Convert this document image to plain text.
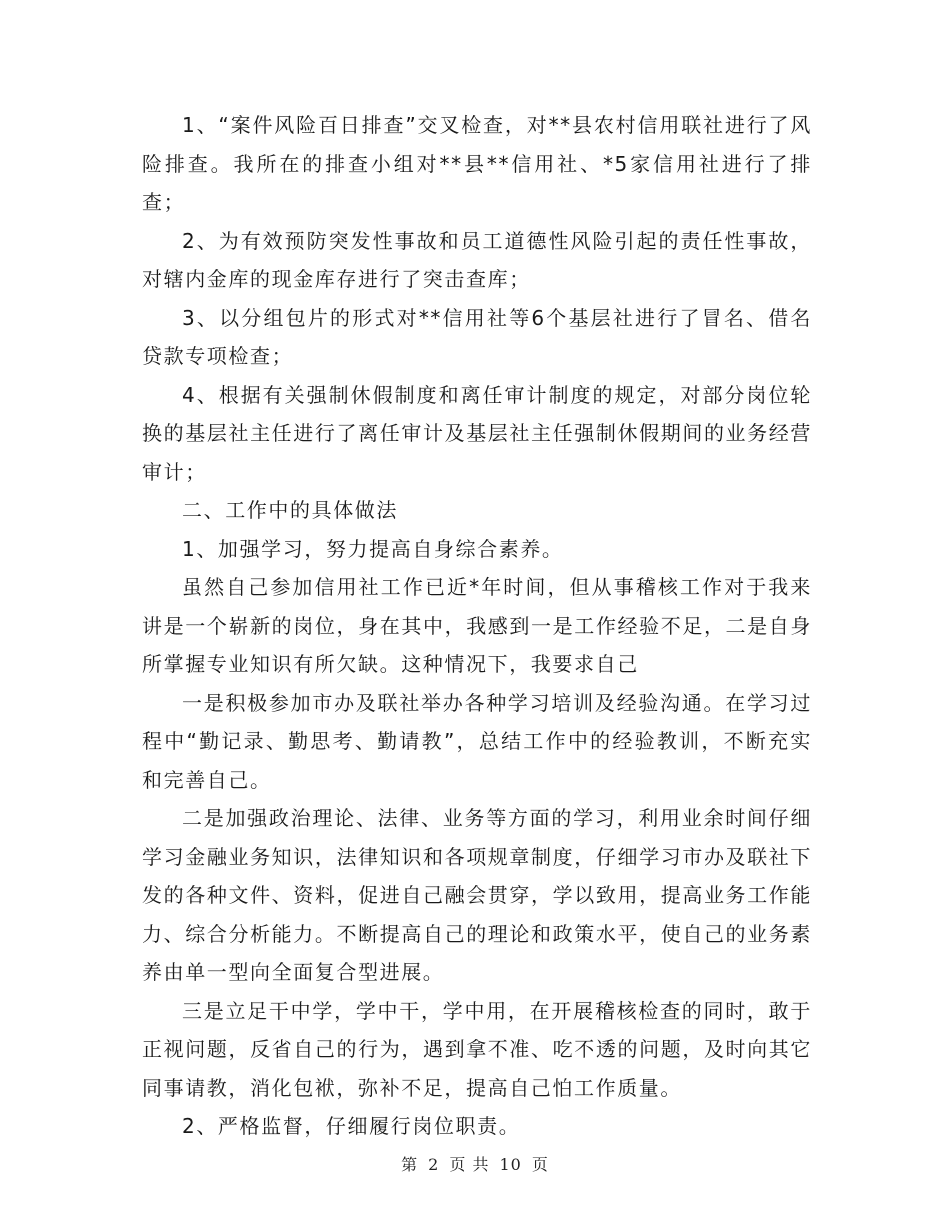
1、“案件风险百日排查”交叉检查，对**县农村信用联社进行了风险排查。我所在的排查小组对**县**信用社、*5家信用社进行了排查；

2、为有效预防突发性事故和员工道德性风险引起的责任性事故，对辖内金库的现金库存进行了突击查库；

3、以分组包片的形式对**信用社等6个基层社进行了冒名、借名贷款专项检查；

4、根据有关强制休假制度和离任审计制度的规定，对部分岗位轮换的基层社主任进行了离任审计及基层社主任强制休假期间的业务经营审计；

二、工作中的具体做法

1、加强学习，努力提高自身综合素养。

虽然自己参加信用社工作已近*年时间，但从事稽核工作对于我来讲是一个崭新的岗位，身在其中，我感到一是工作经验不足，二是自身所掌握专业知识有所欠缺。这种情况下，我要求自己

一是积极参加市办及联社举办各种学习培训及经验沟通。在学习过程中“勤记录、勤思考、勤请教”，总结工作中的经验教训，不断充实和完善自己。

二是加强政治理论、法律、业务等方面的学习，利用业余时间仔细学习金融业务知识，法律知识和各项规章制度，仔细学习市办及联社下发的各种文件、资料，促进自己融会贯穿，学以致用，提高业务工作能力、综合分析能力。不断提高自己的理论和政策水平，使自己的业务素养由单一型向全面复合型进展。

三是立足干中学，学中干，学中用，在开展稽核检查的同时，敢于正视问题，反省自己的行为，遇到拿不准、吃不透的问题，及时向其它同事请教，消化包袱，弥补不足，提高自己怕工作质量。

2、严格监督，仔细履行岗位职责。

第 2 页 共 10 页
